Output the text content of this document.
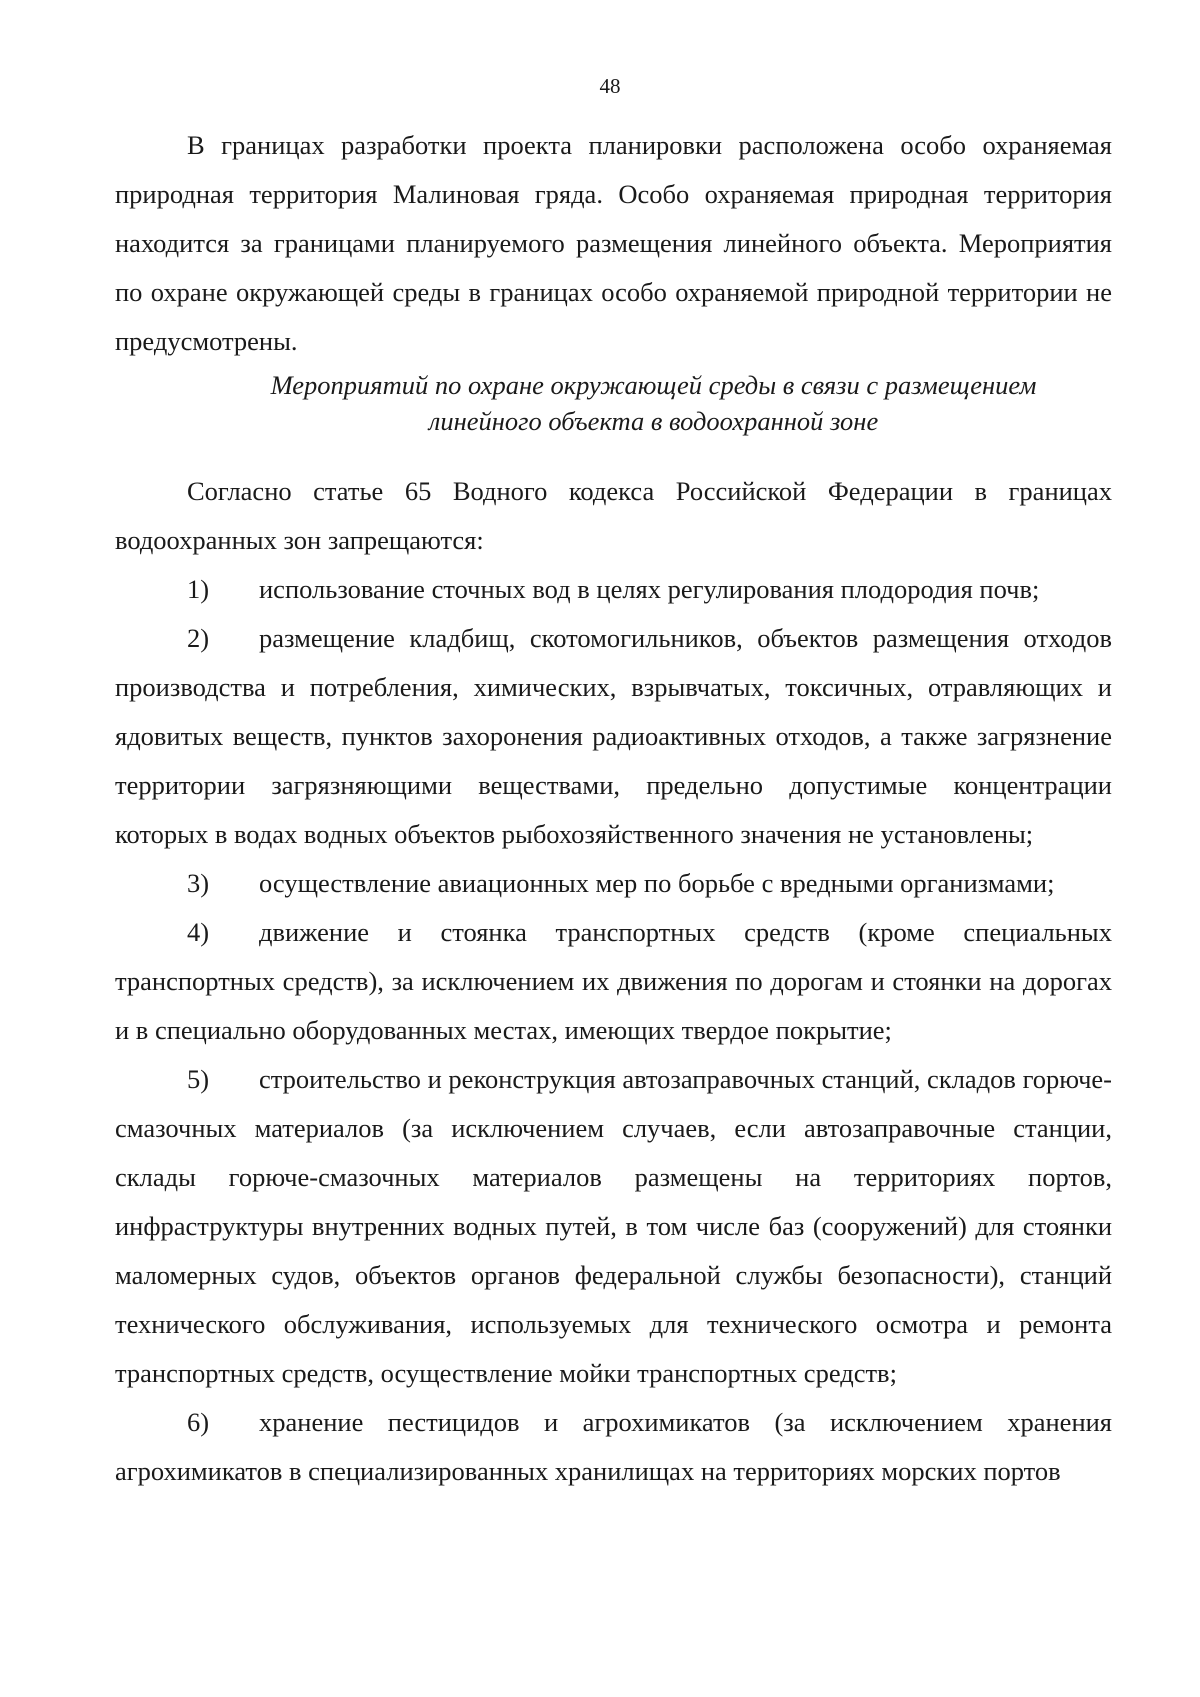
48

В границах разработки проекта планировки расположена особо охраняемая природная территория Малиновая гряда. Особо охраняемая природная территория находится за границами планируемого размещения линейного объекта. Мероприятия по охране окружающей среды в границах особо охраняемой природной территории не предусмотрены.

Мероприятий по охране окружающей среды в связи с размещением
линейного объекта в водоохранной зоне

Согласно статье 65 Водного кодекса Российской Федерации в границах водоохранных зон запрещаются:

1) использование сточных вод в целях регулирования плодородия почв;

2) размещение кладбищ, скотомогильников, объектов размещения отходов производства и потребления, химических, взрывчатых, токсичных, отравляющих и ядовитых веществ, пунктов захоронения радиоактивных отходов, а также загрязнение территории загрязняющими веществами, предельно допустимые концентрации которых в водах водных объектов рыбохозяйственного значения не установлены;

3) осуществление авиационных мер по борьбе с вредными организмами;

4) движение и стоянка транспортных средств (кроме специальных транспортных средств), за исключением их движения по дорогам и стоянки на дорогах и в специально оборудованных местах, имеющих твердое покрытие;

5) строительство и реконструкция автозаправочных станций, складов горюче-смазочных материалов (за исключением случаев, если автозаправочные станции, склады горюче-смазочных материалов размещены на территориях портов, инфраструктуры внутренних водных путей, в том числе баз (сооружений) для стоянки маломерных судов, объектов органов федеральной службы безопасности), станций технического обслуживания, используемых для технического осмотра и ремонта транспортных средств, осуществление мойки транспортных средств;

6) хранение пестицидов и агрохимикатов (за исключением хранения агрохимикатов в специализированных хранилищах на территориях морских портов
